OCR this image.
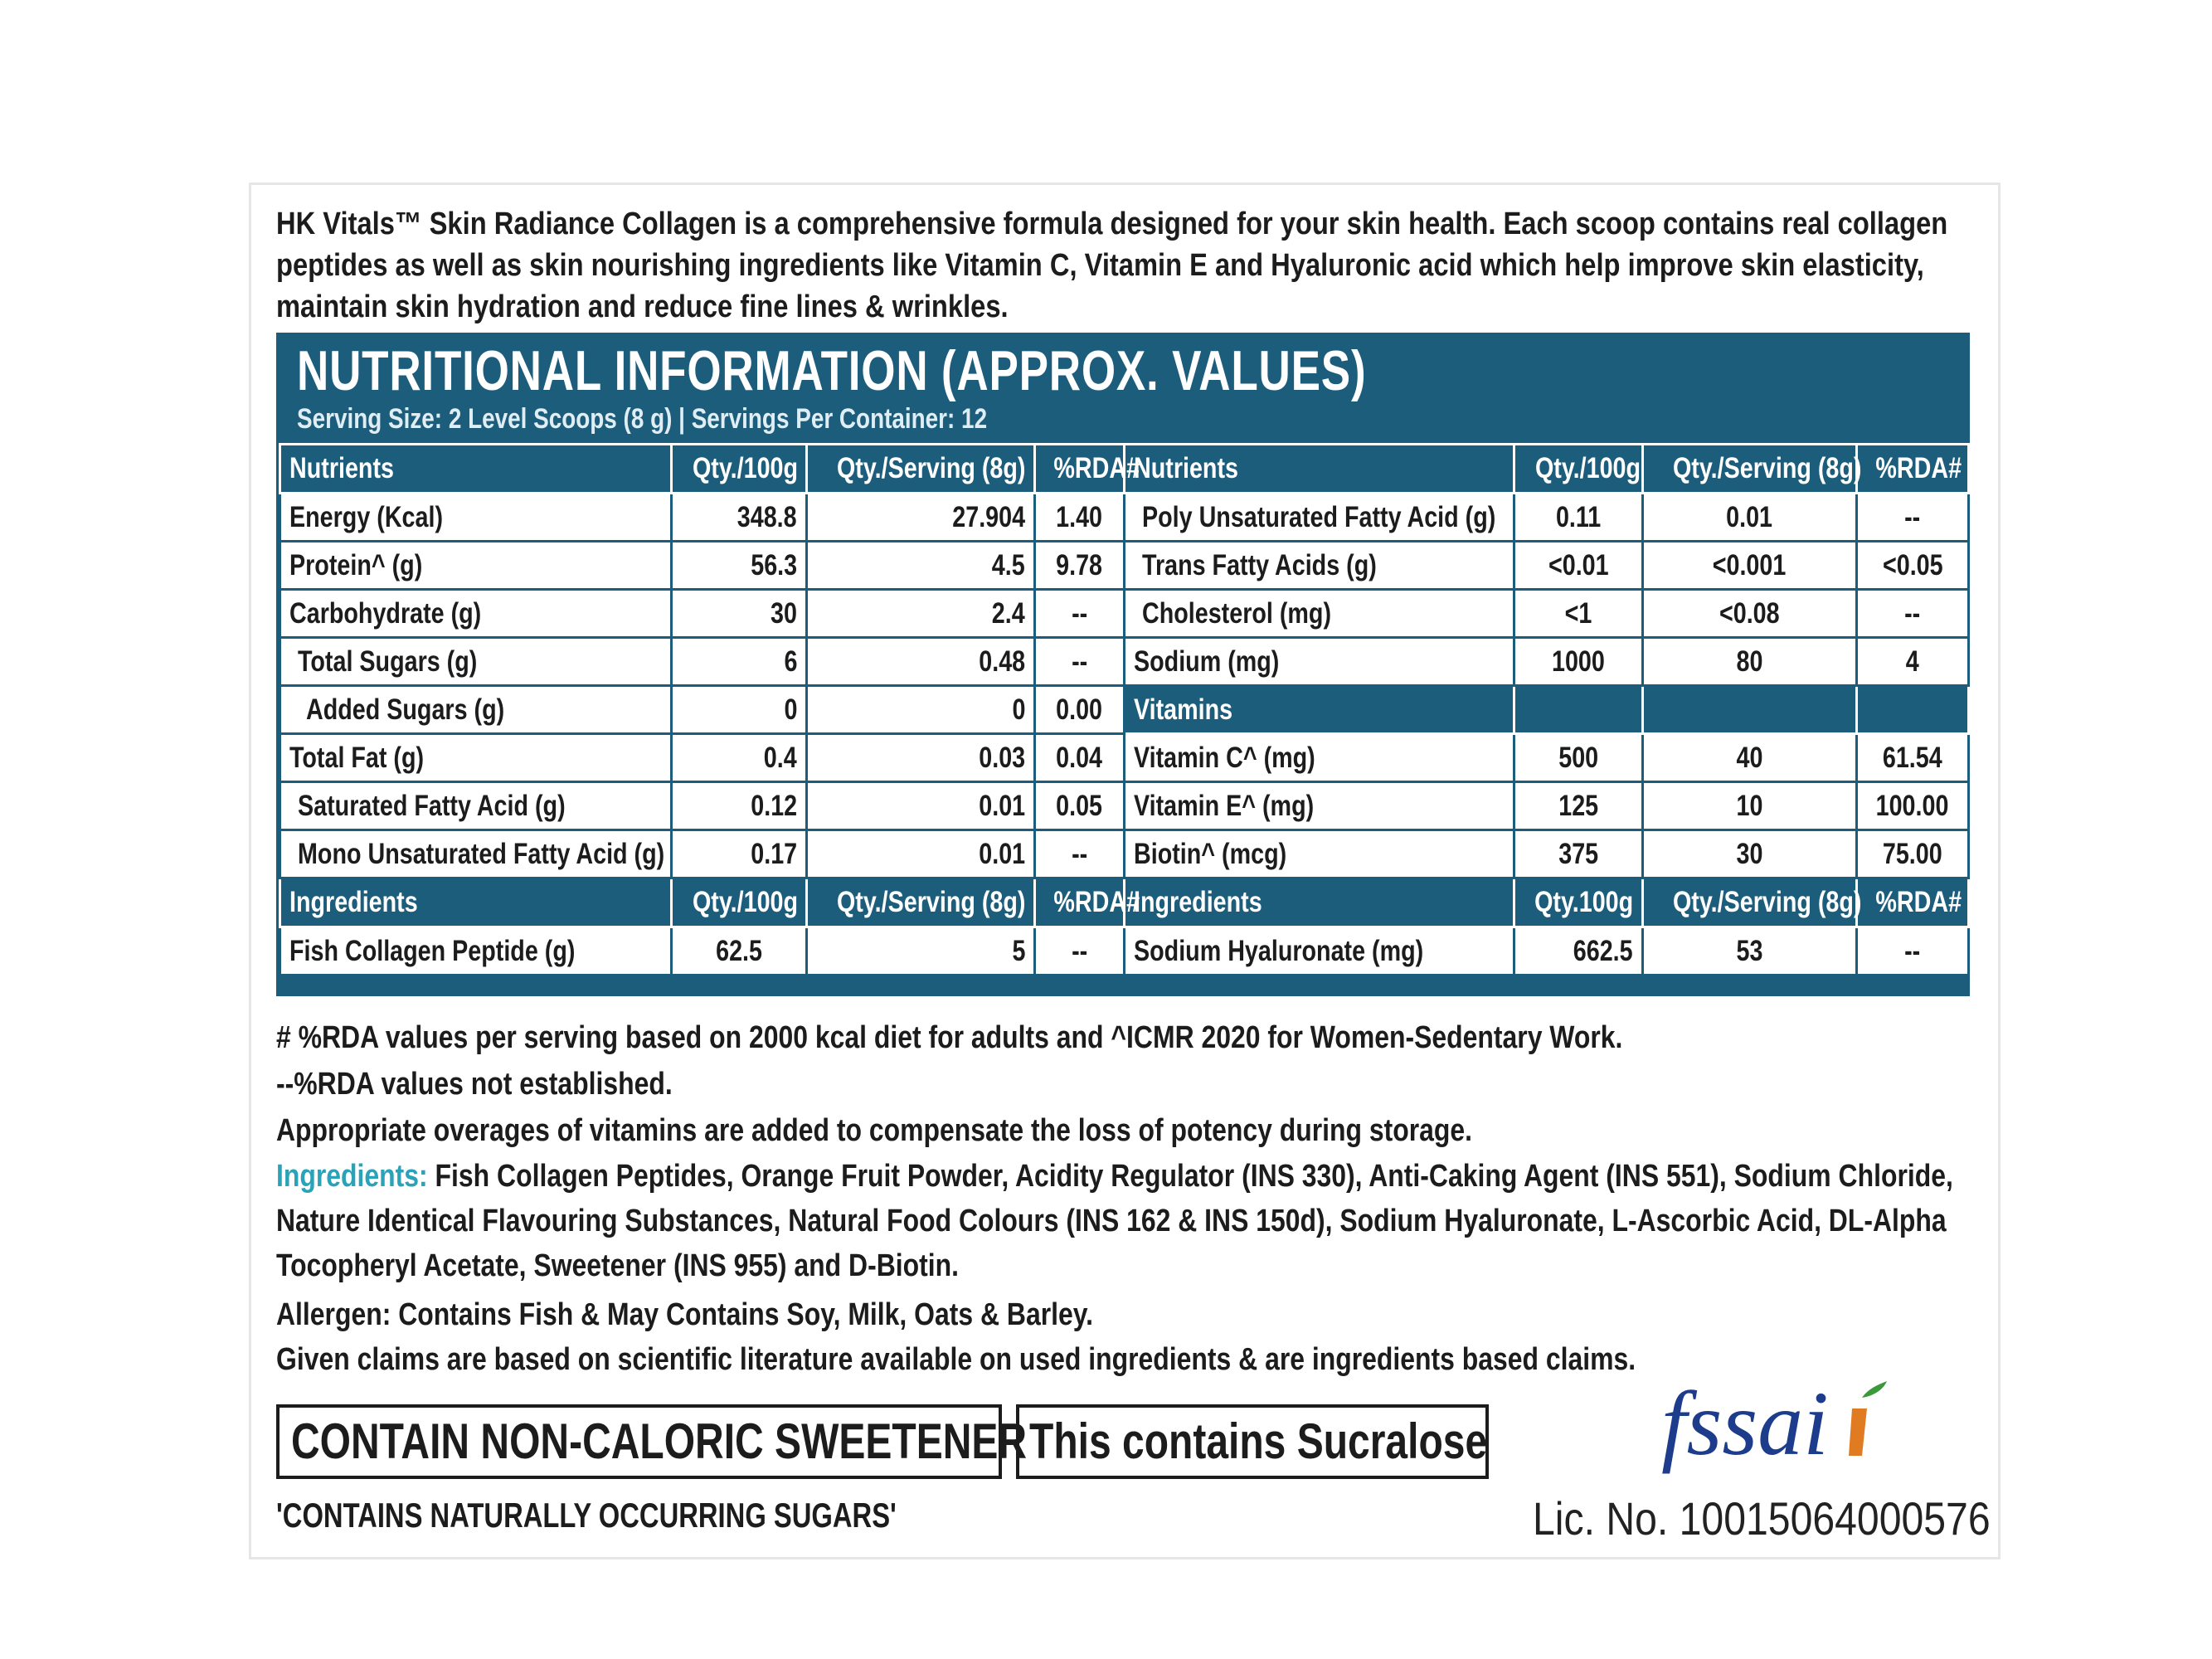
HK Vitals™ Skin Radiance Collagen is a comprehensive formula designed for your skin health. Each scoop contains real collagen peptides as well as skin nourishing ingredients like Vitamin C, Vitamin E and Hyaluronic acid which help improve skin elasticity, maintain skin hydration and reduce fine lines & wrinkles.
NUTRITIONAL INFORMATION (APPROX. VALUES)
Serving Size: 2 Level Scoops (8 g) | Servings Per Container: 12
Nutrients	Qty./100g	Qty./Serving (8g)	%RDA#	Nutrients	Qty./100g	Qty./Serving (8g)	%RDA#
Energy (Kcal)	348.8	27.904	1.40	Poly Unsaturated Fatty Acid (g)	0.11	0.01	--
Protein^ (g)	56.3	4.5	9.78	Trans Fatty Acids (g)	<0.01	<0.001	<0.05
Carbohydrate (g)	30	2.4	--	Cholesterol (mg)	<1	<0.08	--
Total Sugars (g)	6	0.48	--	Sodium (mg)	1000	80	4
Added Sugars (g)	0	0	0.00	Vitamins			
Total Fat (g)	0.4	0.03	0.04	Vitamin C^ (mg)	500	40	61.54
Saturated Fatty Acid (g)	0.12	0.01	0.05	Vitamin E^ (mg)	125	10	100.00
Mono Unsaturated Fatty Acid (g)	0.17	0.01	--	Biotin^ (mcg)	375	30	75.00
Ingredients	Qty./100g	Qty./Serving (8g)	%RDA#	Ingredients	Qty.100g	Qty./Serving (8g)	%RDA#
Fish Collagen Peptide (g)	62.5	5	--	Sodium Hyaluronate (mg)	662.5	53	--

# %RDA values per serving based on 2000 kcal diet for adults and ^ICMR 2020 for Women-Sedentary Work.

--%RDA values not established.

Appropriate overages of vitamins are added to compensate the loss of potency during storage.

Ingredients: Fish Collagen Peptides, Orange Fruit Powder, Acidity Regulator (INS 330), Anti-Caking Agent (INS 551), Sodium Chloride, Nature Identical Flavouring Substances, Natural Food Colours (INS 162 & INS 150d), Sodium Hyaluronate, L-Ascorbic Acid, DL-Alpha Tocopheryl Acetate, Sweetener (INS 955) and D-Biotin.

Allergen: Contains Fish & May Contains Soy, Milk, Oats & Barley.

Given claims are based on scientific literature available on used ingredients & are ingredients based claims.

CONTAIN NON-CALORIC SWEETENER This contains Sucralose
'CONTAINS NATURALLY OCCURRING SUGARS'
fssai
Lic. No. 10015064000576
